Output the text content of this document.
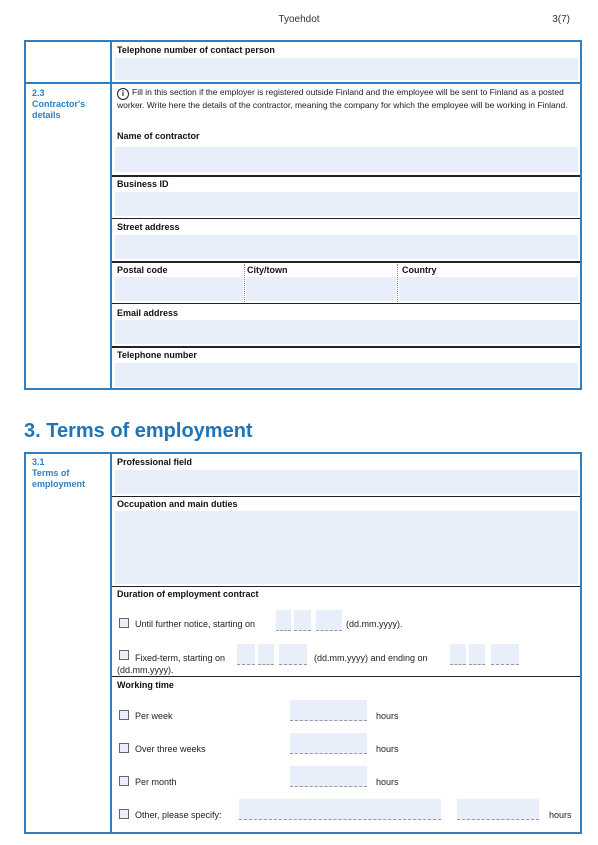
Tyoehdot	3(7)
2.3
Contractor's details
Telephone number of contact person
i Fill in this section if the employer is registered outside Finland and the employee will be sent to Finland as a posted worker. Write here the details of the contractor, meaning the company for which the employee will be working in Finland.
Name of contractor
Business ID
Street address
Postal code	City/town	Country
Email address
Telephone number
3. Terms of employment
3.1
Terms of employment
Professional field
Occupation and main duties
Duration of employment contract
Until further notice, starting on	(dd.mm.yyyy).
Fixed-term, starting on	(dd.mm.yyyy) and ending on
(dd.mm.yyyy).
Working time
Per week	hours
Over three weeks	hours
Per month	hours
Other, please specify:	hours
